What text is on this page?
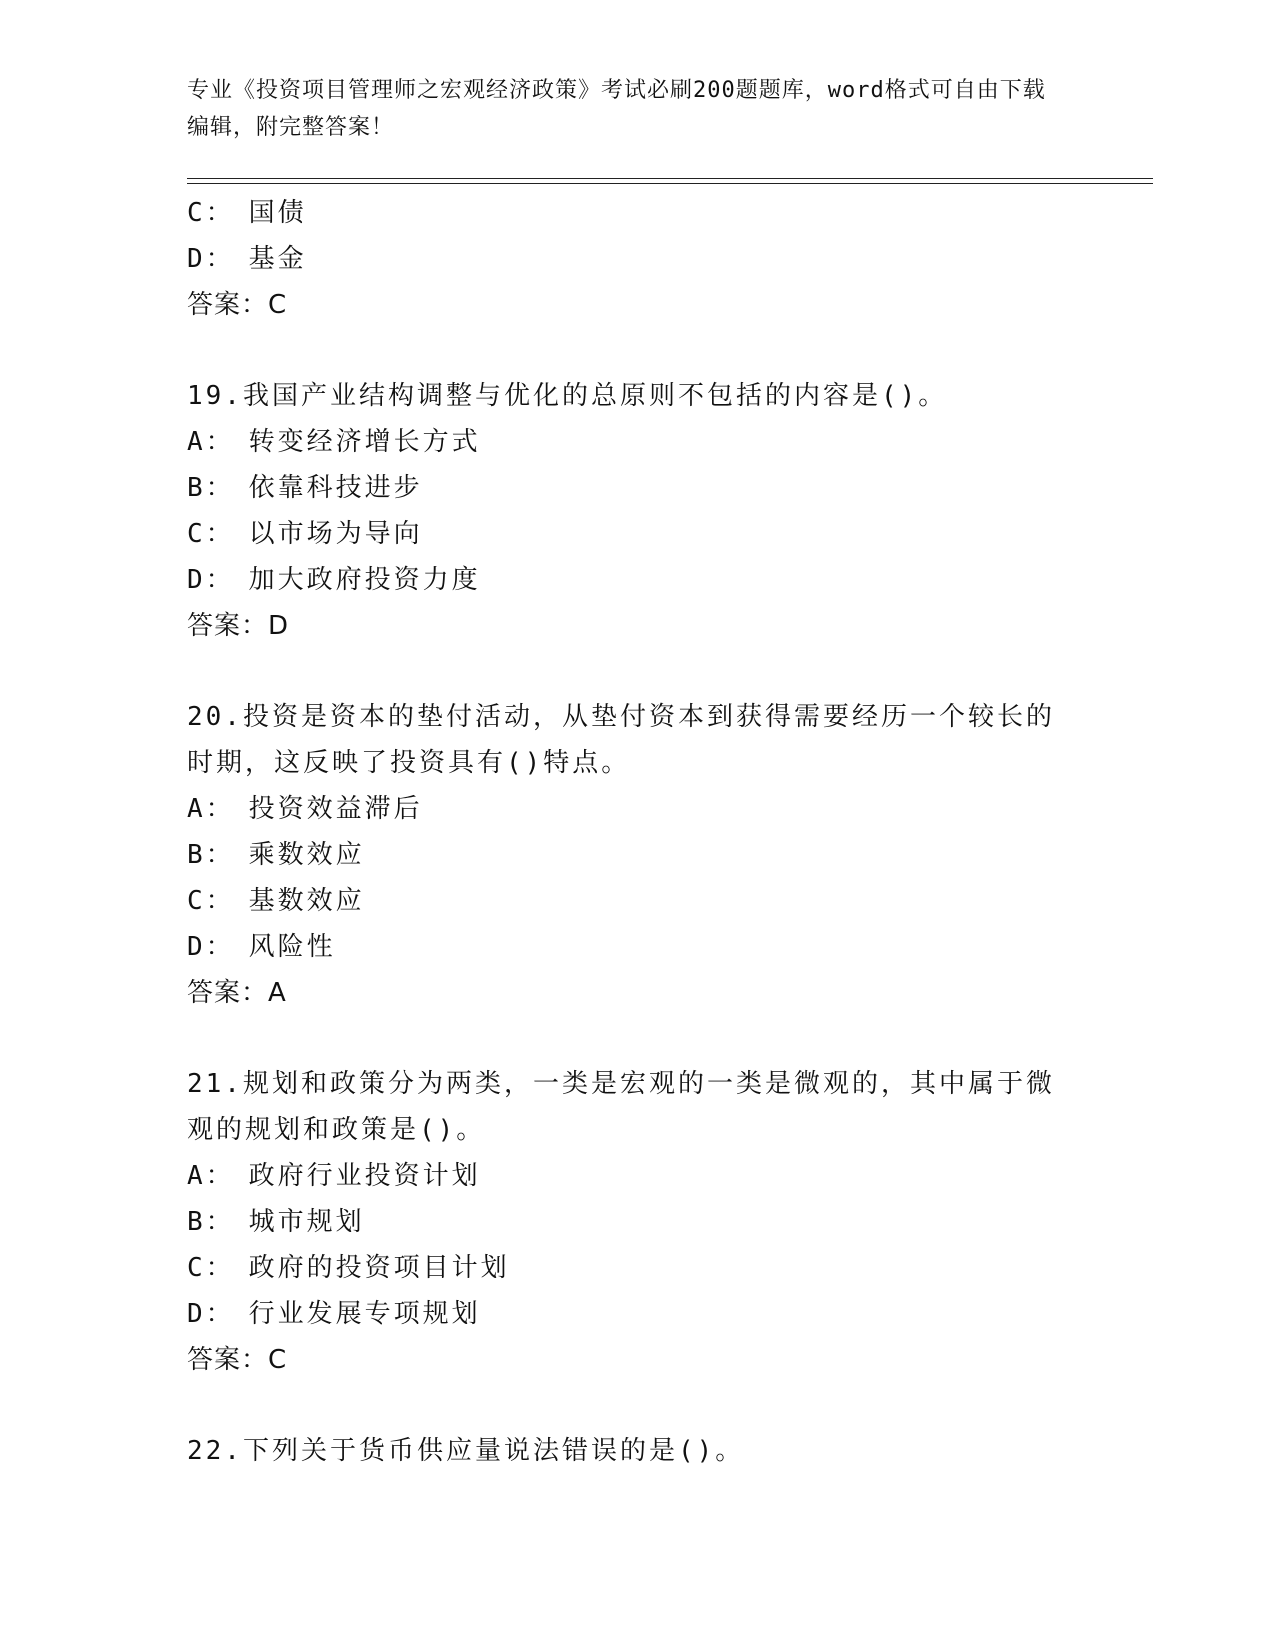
专业《投资项目管理师之宏观经济政策》考试必刷200题题库，word格式可自由下载编辑，附完整答案！
C： 国债
D： 基金
答案：C
19.我国产业结构调整与优化的总原则不包括的内容是()。
A： 转变经济增长方式
B： 依靠科技进步
C： 以市场为导向
D： 加大政府投资力度
答案：D
20.投资是资本的垫付活动，从垫付资本到获得需要经历一个较长的时期，这反映了投资具有()特点。
A： 投资效益滞后
B： 乘数效应
C： 基数效应
D： 风险性
答案：A
21.规划和政策分为两类，一类是宏观的一类是微观的，其中属于微观的规划和政策是()。
A： 政府行业投资计划
B： 城市规划
C： 政府的投资项目计划
D： 行业发展专项规划
答案：C
22.下列关于货币供应量说法错误的是()。
